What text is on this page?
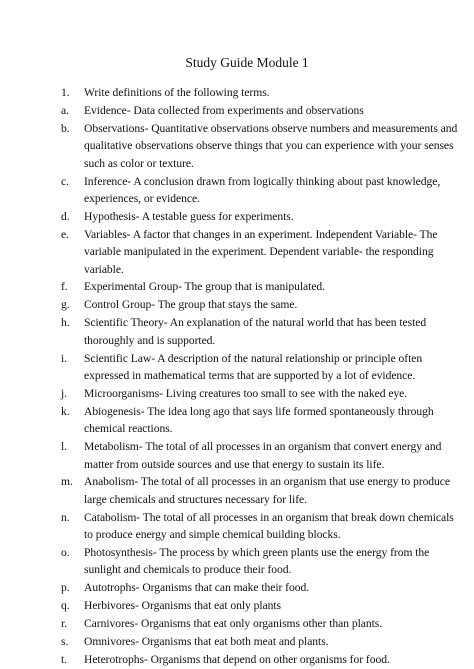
Study Guide Module 1
1.	Write definitions of the following terms.
a.	Evidence- Data collected from experiments and observations
b.	Observations- Quantitative observations observe numbers and measurements and qualitative observations observe things that you can experience with your senses such as color or texture.
c.	Inference- A conclusion drawn from logically thinking about past knowledge, experiences, or evidence.
d.	Hypothesis- A testable guess for experiments.
e.	Variables- A factor that changes in an experiment. Independent Variable- The variable manipulated in the experiment. Dependent variable- the responding variable.
f.	Experimental Group- The group that is manipulated.
g.	Control Group- The group that stays the same.
h.	Scientific Theory- An explanation of the natural world that has been tested thoroughly and is supported.
i.	Scientific Law- A description of the natural relationship or principle often expressed in mathematical terms that are supported by a lot of evidence.
j.	Microorganisms- Living creatures too small to see with the naked eye.
k.	Abiogenesis- The idea long ago that says life formed spontaneously through chemical reactions.
l.	Metabolism- The total of all processes in an organism that convert energy and matter from outside sources and use that energy to sustain its life.
m. Anabolism- The total of all processes in an organism that use energy to produce large chemicals and structures necessary for life.
n.	Catabolism- The total of all processes in an organism that break down chemicals to produce energy and simple chemical building blocks.
o.	Photosynthesis- The process by which green plants use the energy from the sunlight and chemicals to produce their food.
p.	Autotrophs- Organisms that can make their food.
q.	Herbivores- Organisms that eat only plants
r.	Carnivores- Organisms that eat only organisms other than plants.
s.	Omnivores- Organisms that eat both meat and plants.
t.	Heterotrophs- Organisms that depend on other organisms for food.
